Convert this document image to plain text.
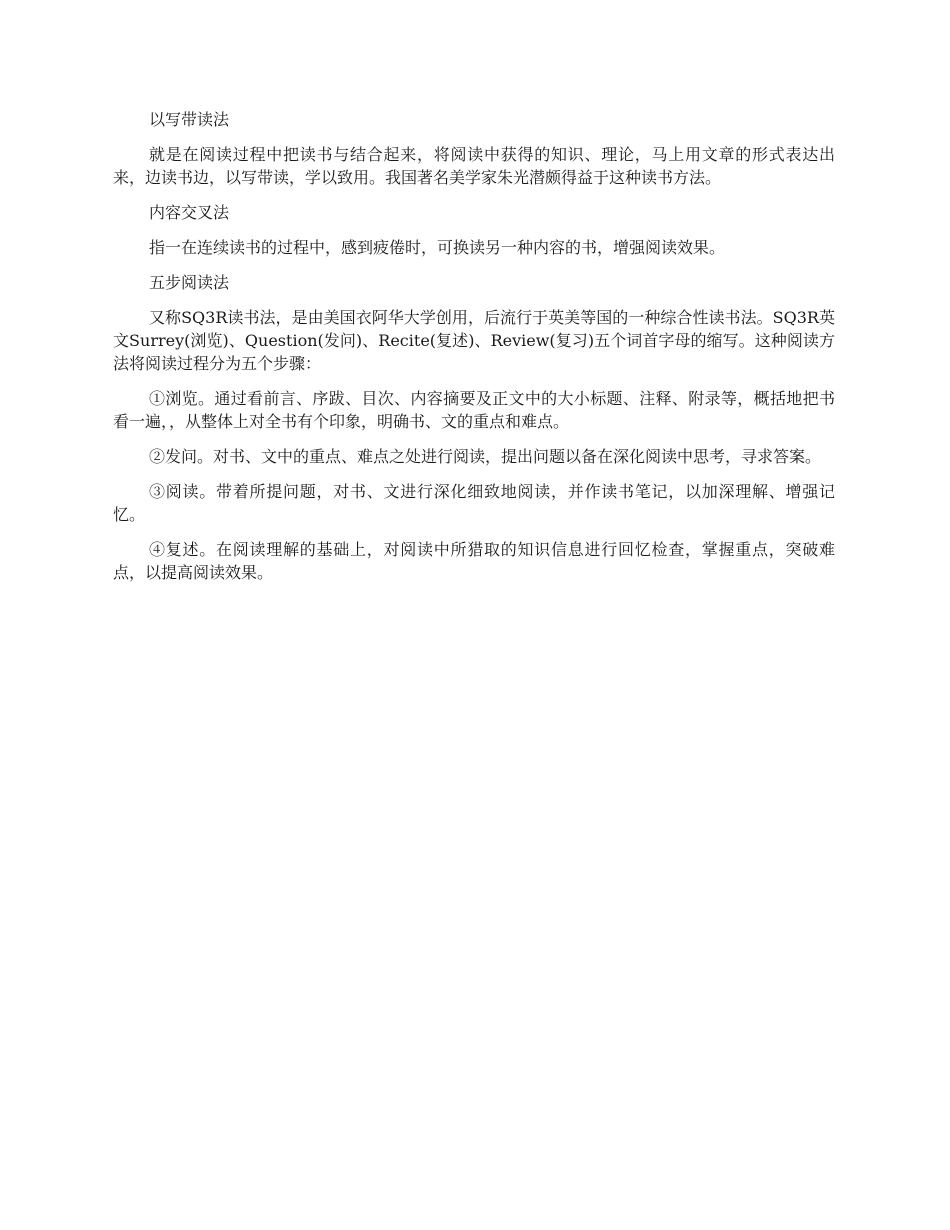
以写带读法

就是在阅读过程中把读书与结合起来，将阅读中获得的知识、理论，马上用文章的形式表达出来，边读书边，以写带读，学以致用。我国著名美学家朱光潜颇得益于这种读书方法。

内容交叉法

指一在连续读书的过程中，感到疲倦时，可换读另一种内容的书，增强阅读效果。

五步阅读法

又称SQ3R读书法，是由美国衣阿华大学创用，后流行于英美等国的一种综合性读书法。SQ3R英文Surrey(浏览)、Question(发问)、Recite(复述)、Review(复习)五个词首字母的缩写。这种阅读方法将阅读过程分为五个步骤：

①浏览。通过看前言、序跋、目次、内容摘要及正文中的大小标题、注释、附录等，概括地把书看一遍，，从整体上对全书有个印象，明确书、文的重点和难点。

②发问。对书、文中的重点、难点之处进行阅读，提出问题以备在深化阅读中思考，寻求答案。

③阅读。带着所提问题，对书、文进行深化细致地阅读，并作读书笔记，以加深理解、增强记忆。

④复述。在阅读理解的基础上，对阅读中所猎取的知识信息进行回忆检查，掌握重点，突破难点，以提高阅读效果。
